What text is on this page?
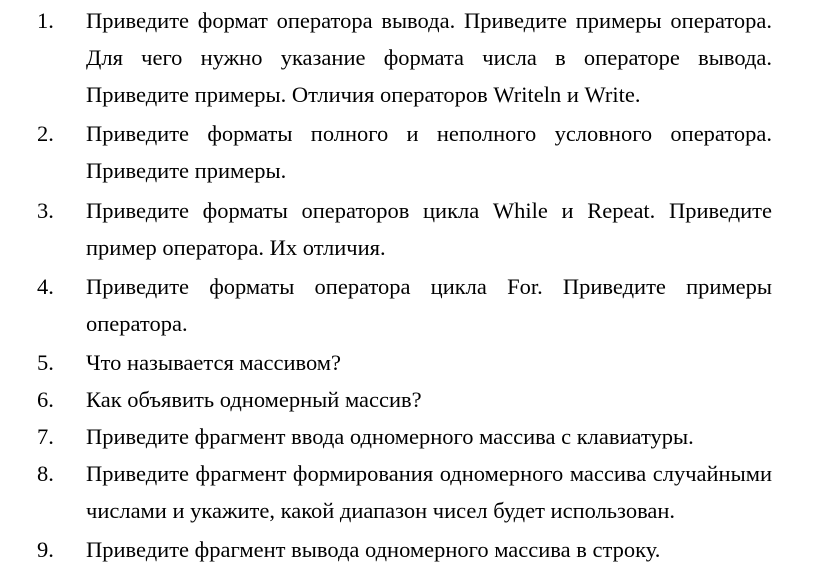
1. Приведите формат оператора вывода. Приведите примеры оператора. Для чего нужно указание формата числа в операторе вывода. Приведите примеры. Отличия операторов Writeln и Write.
2. Приведите форматы полного и неполного условного оператора. Приведите примеры.
3. Приведите форматы операторов цикла While и Repeat. Приведите пример оператора. Их отличия.
4. Приведите форматы оператора цикла For. Приведите примеры оператора.
5. Что называется массивом?
6. Как объявить одномерный массив?
7. Приведите фрагмент ввода одномерного массива с клавиатуры.
8. Приведите фрагмент формирования одномерного массива случайными числами и укажите, какой диапазон чисел будет использован.
9. Приведите фрагмент вывода одномерного массива в строку.
